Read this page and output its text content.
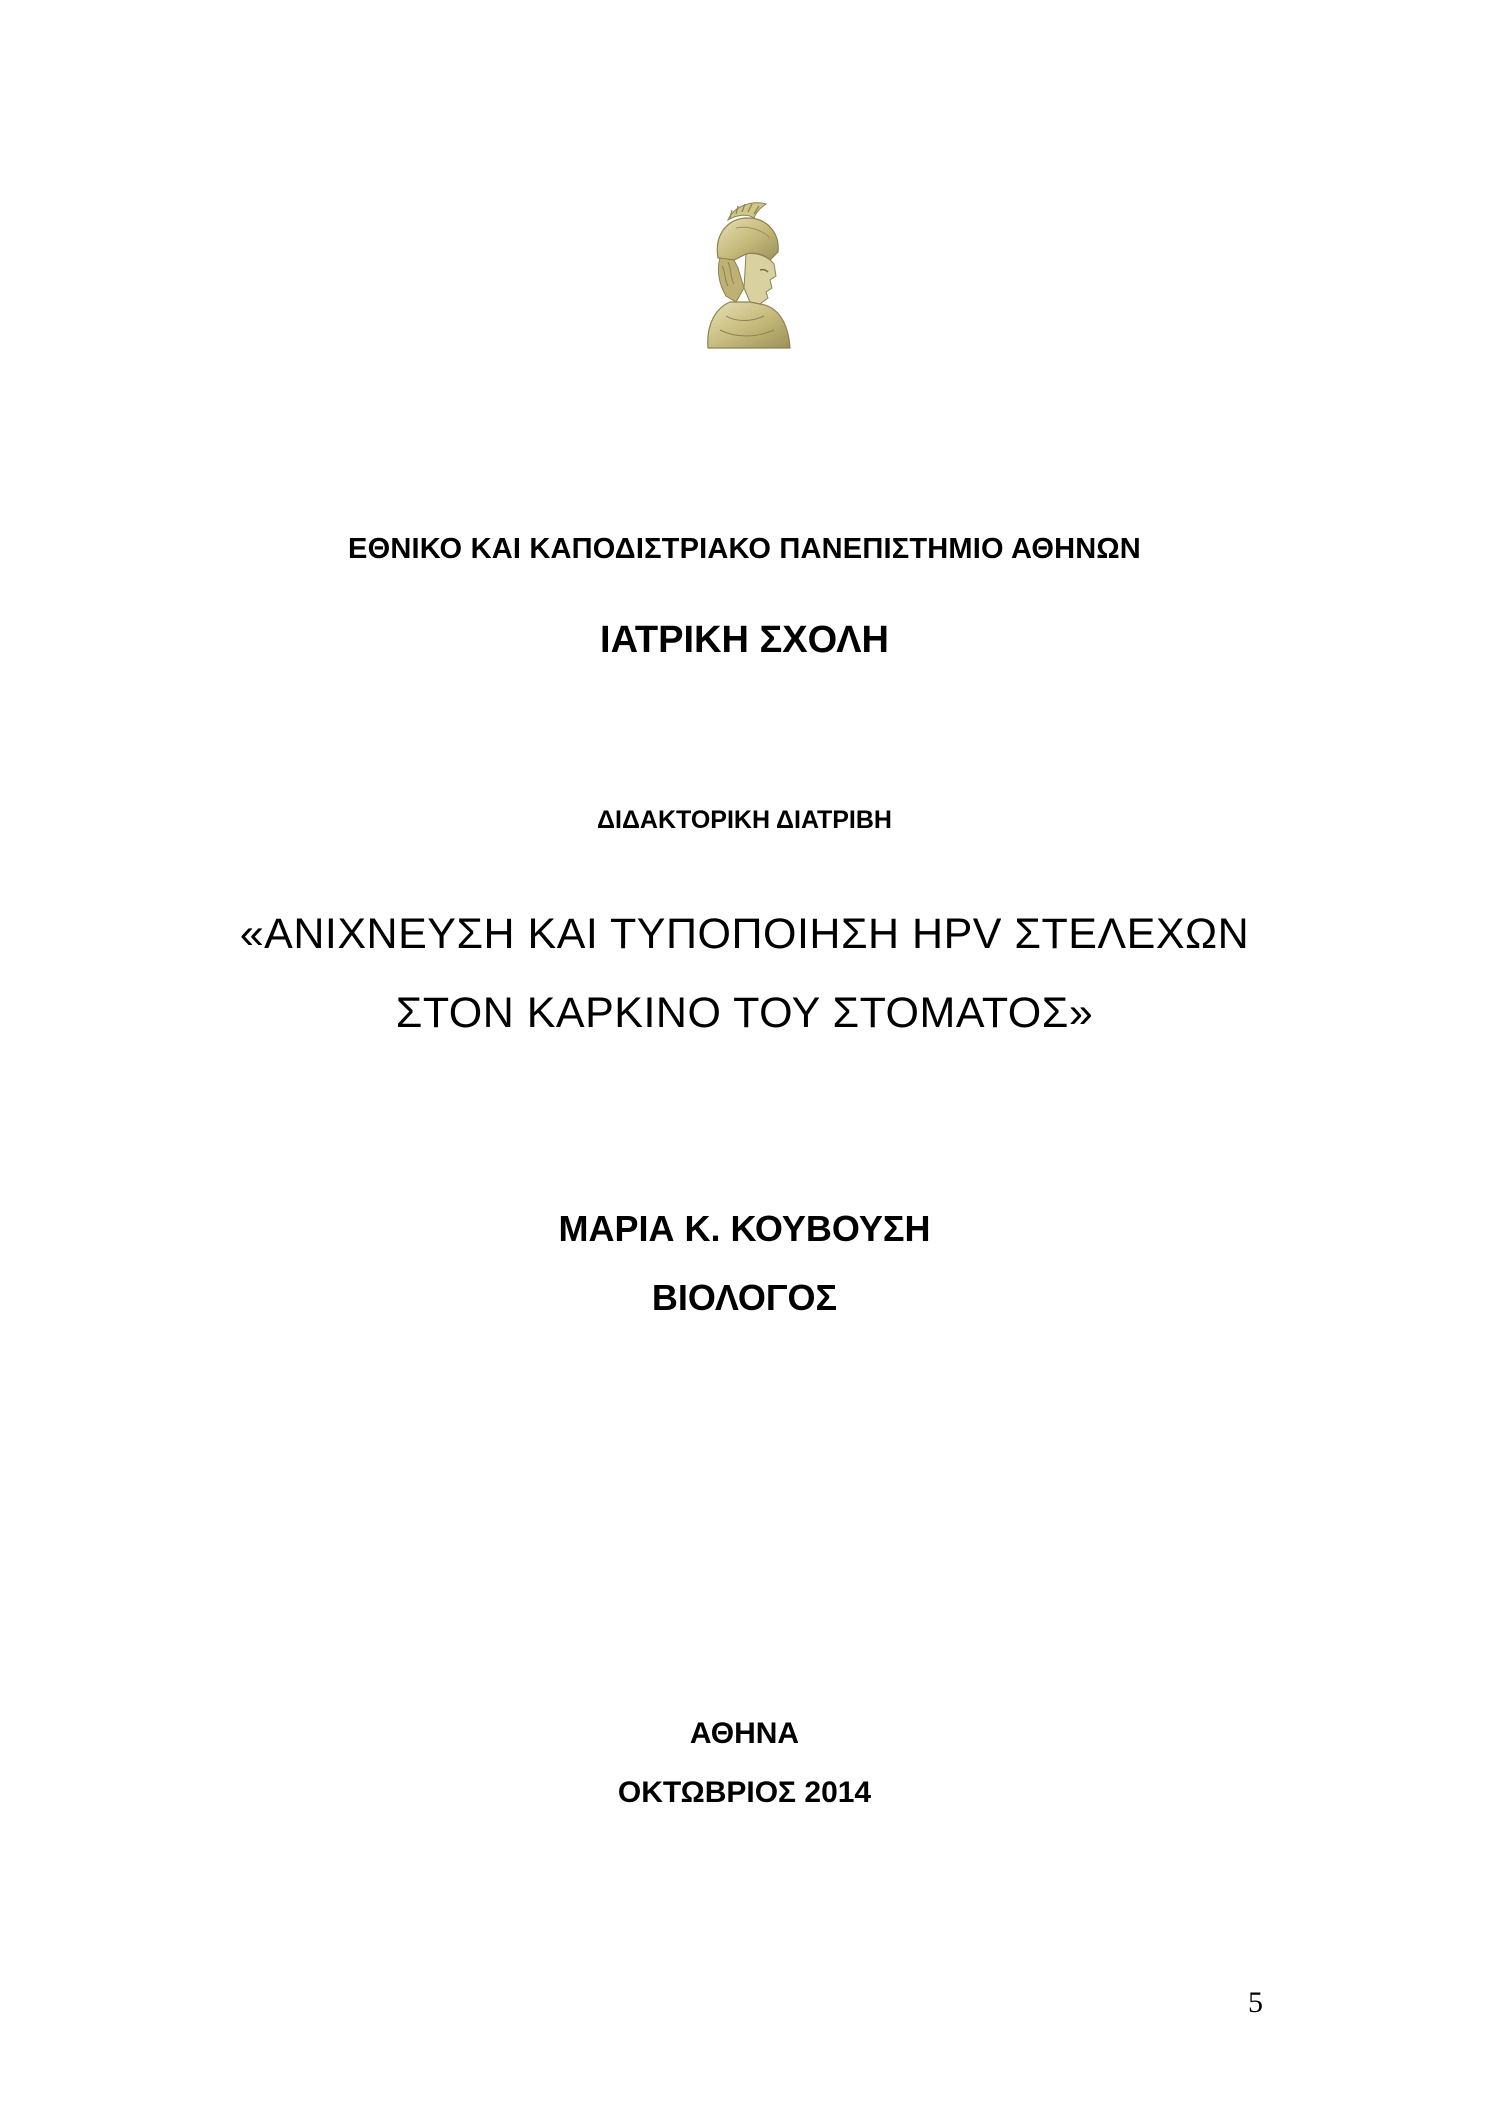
ΕΘΝΙΚΟ ΚΑΙ ΚΑΠΟΔΙΣΤΡΙΑΚΟ ΠΑΝΕΠΙΣΤΗΜΙΟ ΑΘΗΝΩΝ
ΙΑΤΡΙΚΗ ΣΧΟΛΗ
ΔΙΔΑΚΤΟΡΙΚΗ ΔΙΑΤΡΙΒΗ
«ΑΝΙΧΝΕΥΣΗ ΚΑΙ ΤΥΠΟΠΟΙΗΣΗ HPV ΣΤΕΛΕΧΩΝ
ΣΤΟΝ ΚΑΡΚΙΝΟ ΤΟΥ ΣΤΟΜΑΤΟΣ»
ΜΑΡΙΑ Κ. ΚΟΥΒΟΥΣΗ
ΒΙΟΛΟΓΟΣ
ΑΘΗΝΑ
ΟΚΤΩΒΡΙΟΣ 2014
5
